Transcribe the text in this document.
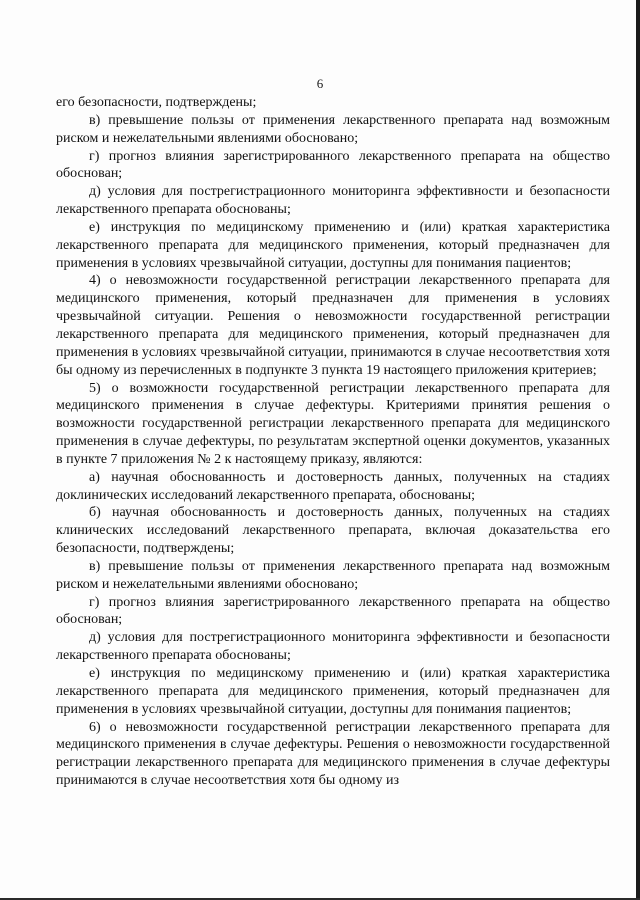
6

его безопасности, подтверждены;

в) превышение пользы от применения лекарственного препарата над возможным риском и нежелательными явлениями обосновано;

г) прогноз влияния зарегистрированного лекарственного препарата на общество обоснован;

д) условия для пострегистрационного мониторинга эффективности и безопасности лекарственного препарата обоснованы;

е) инструкция по медицинскому применению и (или) краткая характеристика лекарственного препарата для медицинского применения, который предназначен для применения в условиях чрезвычайной ситуации, доступны для понимания пациентов;

4) о невозможности государственной регистрации лекарственного препарата для медицинского применения, который предназначен для применения в условиях чрезвычайной ситуации. Решения о невозможности государственной регистрации лекарственного препарата для медицинского применения, который предназначен для применения в условиях чрезвычайной ситуации, принимаются в случае несоответствия хотя бы одному из перечисленных в подпункте 3 пункта 19 настоящего приложения критериев;

5) о возможности государственной регистрации лекарственного препарата для медицинского применения в случае дефектуры. Критериями принятия решения о возможности государственной регистрации лекарственного препарата для медицинского применения в случае дефектуры, по результатам экспертной оценки документов, указанных в пункте 7 приложения № 2 к настоящему приказу, являются:

а) научная обоснованность и достоверность данных, полученных на стадиях доклинических исследований лекарственного препарата, обоснованы;

б) научная обоснованность и достоверность данных, полученных на стадиях клинических исследований лекарственного препарата, включая доказательства его безопасности, подтверждены;

в) превышение пользы от применения лекарственного препарата над возможным риском и нежелательными явлениями обосновано;

г) прогноз влияния зарегистрированного лекарственного препарата на общество обоснован;

д) условия для пострегистрационного мониторинга эффективности и безопасности лекарственного препарата обоснованы;

е) инструкция по медицинскому применению и (или) краткая характеристика лекарственного препарата для медицинского применения, который предназначен для применения в условиях чрезвычайной ситуации, доступны для понимания пациентов;

6) о невозможности государственной регистрации лекарственного препарата для медицинского применения в случае дефектуры. Решения о невозможности государственной регистрации лекарственного препарата для медицинского применения в случае дефектуры принимаются в случае несоответствия хотя бы одному из
